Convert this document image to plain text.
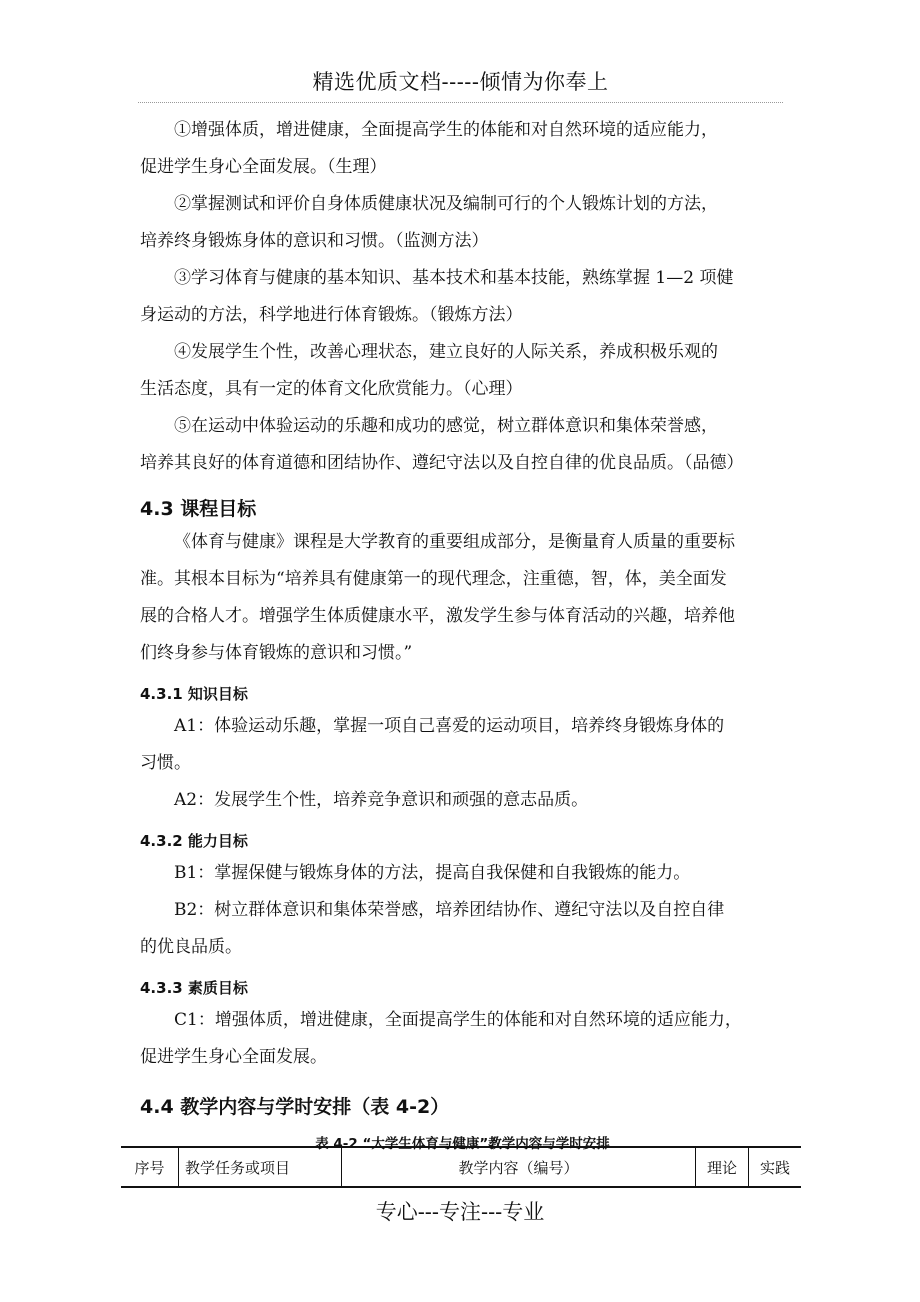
精选优质文档-----倾情为你奉上

①增强体质，增进健康，全面提高学生的体能和对自然环境的适应能力，

促进学生身心全面发展。（生理）

②掌握测试和评价自身体质健康状况及编制可行的个人锻炼计划的方法，

培养终身锻炼身体的意识和习惯。（监测方法）

③学习体育与健康的基本知识、基本技术和基本技能，熟练掌握 1—2 项健

身运动的方法，科学地进行体育锻炼。（锻炼方法）

④发展学生个性，改善心理状态，建立良好的人际关系，养成积极乐观的

生活态度，具有一定的体育文化欣赏能力。（心理）

⑤在运动中体验运动的乐趣和成功的感觉，树立群体意识和集体荣誉感，

培养其良好的体育道德和团结协作、遵纪守法以及自控自律的优良品质。（品德）

4.3 课程目标

《体育与健康》课程是大学教育的重要组成部分，是衡量育人质量的重要标

准。其根本目标为“培养具有健康第一的现代理念，注重德，智，体，美全面发

展的合格人才。增强学生体质健康水平，激发学生参与体育活动的兴趣，培养他

们终身参与体育锻炼的意识和习惯。”

4.3.1 知识目标

A1：体验运动乐趣，掌握一项自己喜爱的运动项目，培养终身锻炼身体的

习惯。

A2：发展学生个性，培养竞争意识和顽强的意志品质。

4.3.2 能力目标

B1：掌握保健与锻炼身体的方法，提高自我保健和自我锻炼的能力。

B2：树立群体意识和集体荣誉感，培养团结协作、遵纪守法以及自控自律

的优良品质。

4.3.3 素质目标

C1：增强体质，增进健康，全面提高学生的体能和对自然环境的适应能力，

促进学生身心全面发展。

4.4 教学内容与学时安排（表 4-2）
表 4-2 “大学生体育与健康”教学内容与学时安排
序号	教学任务或项目	教学内容（编号）	理论	实践
专心---专注---专业
